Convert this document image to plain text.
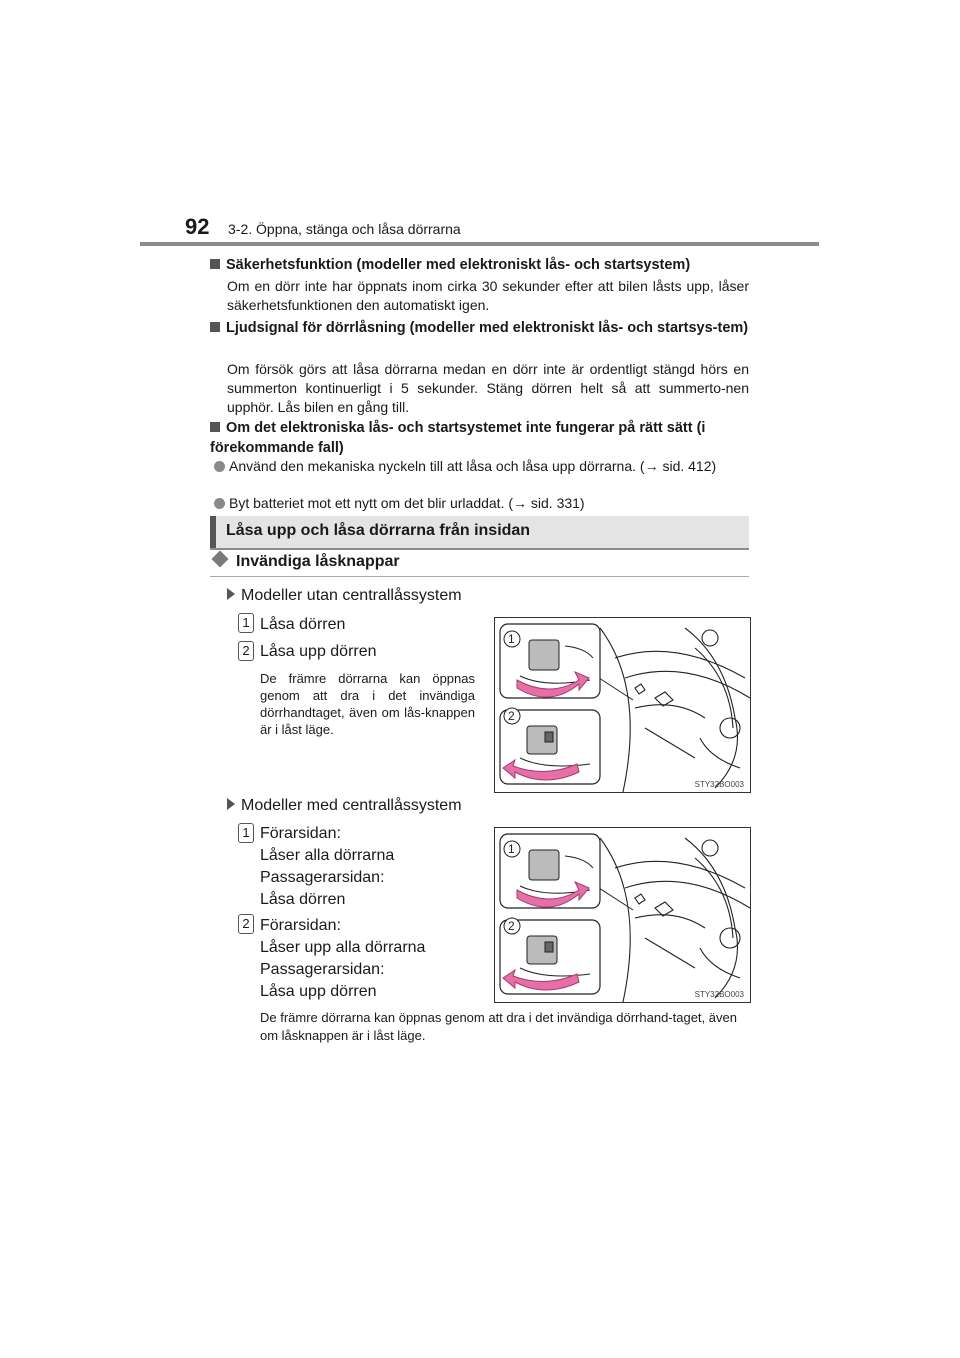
92 3-2. Öppna, stänga och låsa dörrarna
Säkerhetsfunktion (modeller med elektroniskt lås- och startsystem)
Om en dörr inte har öppnats inom cirka 30 sekunder efter att bilen låsts upp, låser säkerhetsfunktionen den automatiskt igen.
Ljudsignal för dörrlåsning (modeller med elektroniskt lås- och startsys-tem)
Om försök görs att låsa dörrarna medan en dörr inte är ordentligt stängd hörs en summerton kontinuerligt i 5 sekunder. Stäng dörren helt så att summerto-nen upphör. Lås bilen en gång till.
Om det elektroniska lås- och startsystemet inte fungerar på rätt sätt (i förekommande fall)
Använd den mekaniska nyckeln till att låsa och låsa upp dörrarna. (→ sid. 412)
Byt batteriet mot ett nytt om det blir urladdat. (→ sid. 331)
Låsa upp och låsa dörrarna från insidan
Invändiga låsknappar
Modeller utan centrallåssystem
1 Låsa dörren
2 Låsa upp dörren
De främre dörrarna kan öppnas genom att dra i det invändiga dörrhandtaget, även om lås-knappen är i låst läge.
1
2
STY32BO003
Modeller med centrallåssystem
1 Förarsidan:
Låser alla dörrarna
Passagerarsidan:
Låsa dörren
2 Förarsidan:
Låser upp alla dörrarna
Passagerarsidan:
Låsa upp dörren
1
2
STY32BO003
De främre dörrarna kan öppnas genom att dra i det invändiga dörrhand-taget, även om låsknappen är i låst läge.
